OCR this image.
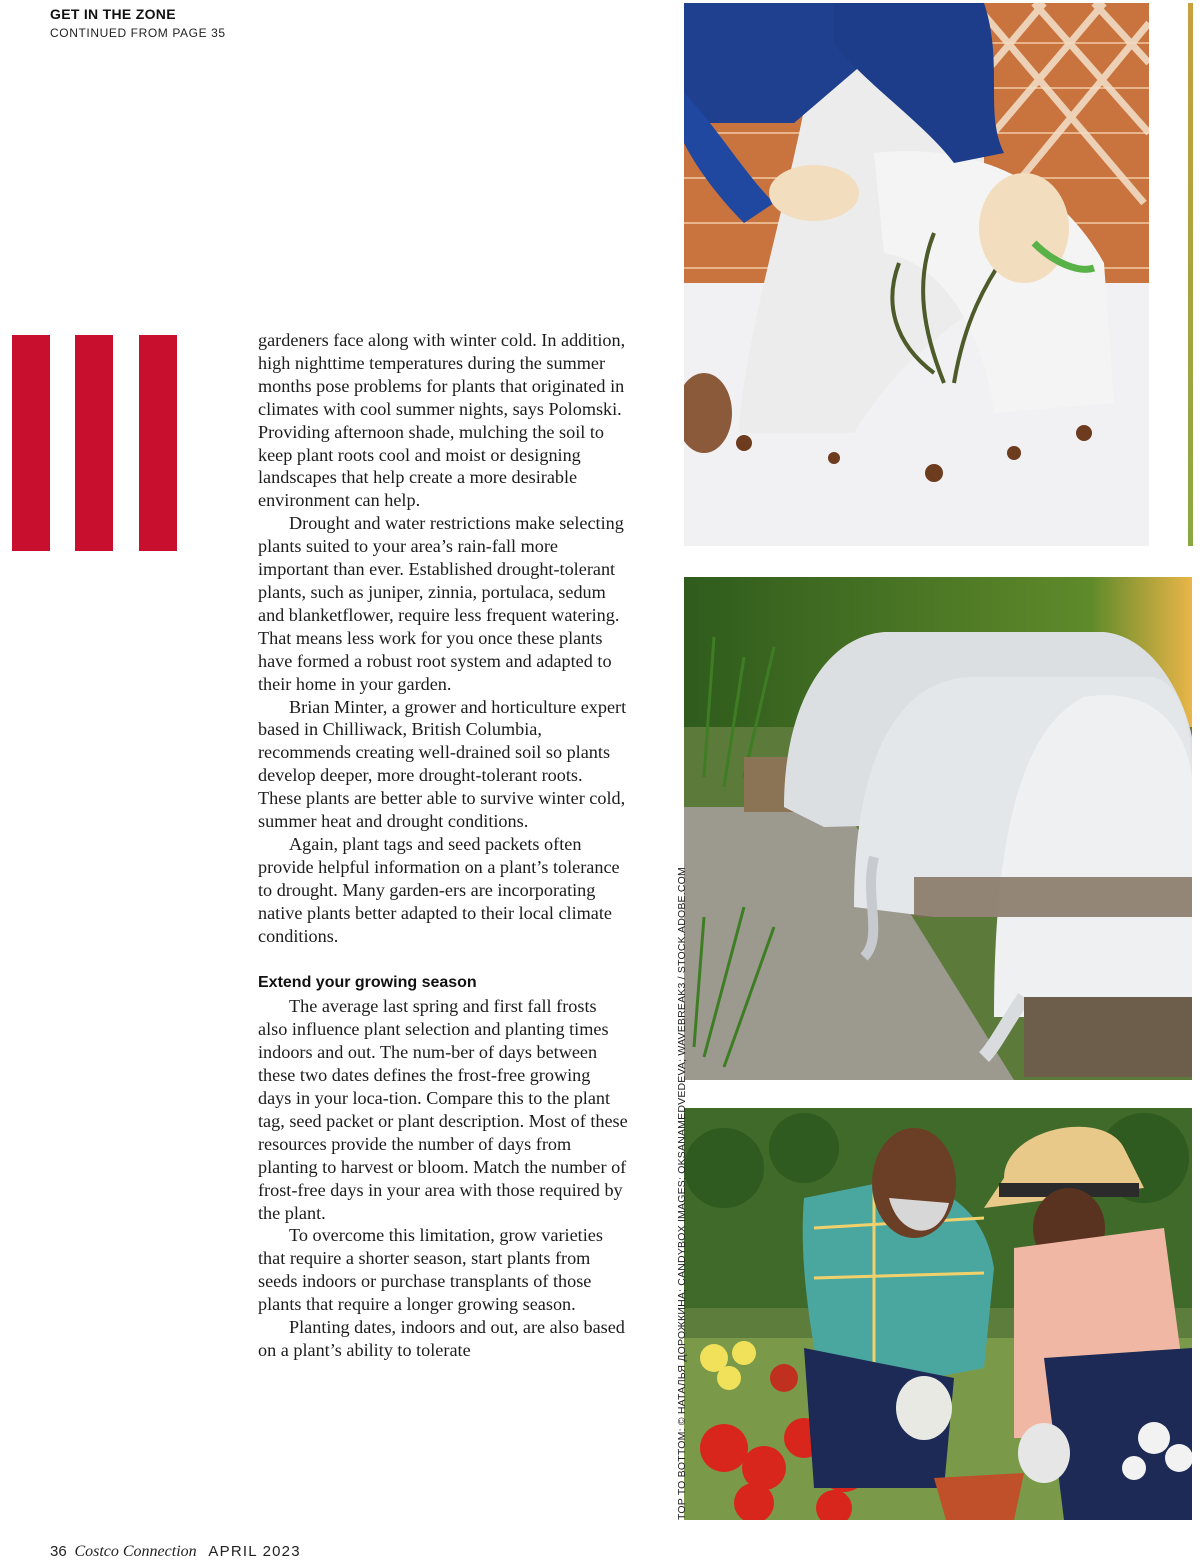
GET IN THE ZONE
CONTINUED FROM PAGE 35

gardeners face along with winter cold. In addition, high nighttime temperatures during the summer months pose problems for plants that originated in climates with cool summer nights, says Polomski. Providing afternoon shade, mulching the soil to keep plant roots cool and moist or designing landscapes that help create a more desirable environment can help.

Drought and water restrictions make selecting plants suited to your area’s rain-fall more important than ever. Established drought-tolerant plants, such as juniper, zinnia, portulaca, sedum and blanketflower, require less frequent watering. That means less work for you once these plants have formed a robust root system and adapted to their home in your garden.

Brian Minter, a grower and horticulture expert based in Chilliwack, British Columbia, recommends creating well-drained soil so plants develop deeper, more drought-tolerant roots. These plants are better able to survive winter cold, summer heat and drought conditions.

Again, plant tags and seed packets often provide helpful information on a plant’s tolerance to drought. Many garden-ers are incorporating native plants better adapted to their local climate conditions.

Extend your growing season

The average last spring and first fall frosts also influence plant selection and planting times indoors and out. The num-ber of days between these two dates defines the frost-free growing days in your loca-tion. Compare this to the plant tag, seed packet or plant description. Most of these resources provide the number of days from planting to harvest or bloom. Match the number of frost-free days in your area with those required by the plant.

To overcome this limitation, grow varieties that require a shorter season, start plants from seeds indoors or purchase transplants of those plants that require a longer growing season.

Planting dates, indoors and out, are also based on a plant’s ability to tolerate	TOP TO BOTTOM: © НАТАЛЬЯ ДОРОЖКИНА; CANDYBOX IMAGES; OKSANAMEDVEDEVA; WAVEBREAK3 / STOCK.ADOBE.COM
36 Costco Connection APRIL 2023
